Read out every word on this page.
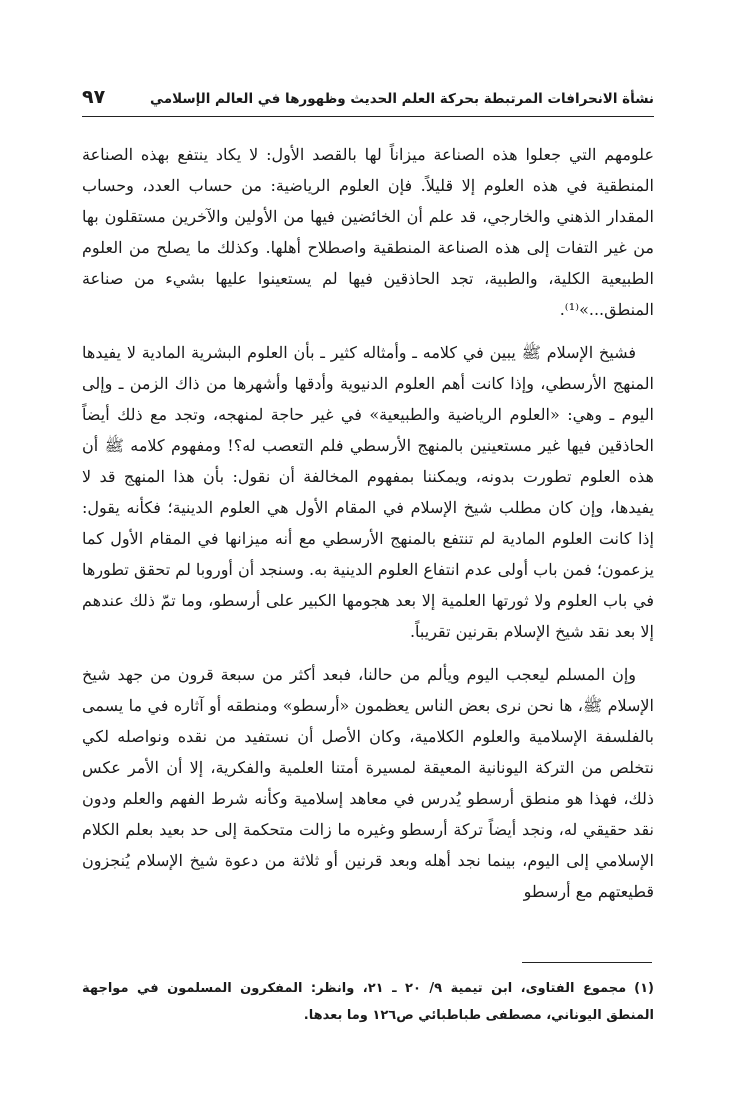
نشأة الانحرافات المرتبطة بحركة العلم الحديث وظهورها في العالم الإسلامي
٩٧

علومهم التي جعلوا هذه الصناعة ميزاناً لها بالقصد الأول: لا يكاد ينتفع بهذه الصناعة المنطقية في هذه العلوم إلا قليلاً. فإن العلوم الرياضية: من حساب العدد، وحساب المقدار الذهني والخارجي، قد علم أن الخائضين فيها من الأولين والآخرين مستقلون بها من غير التفات إلى هذه الصناعة المنطقية واصطلاح أهلها. وكذلك ما يصلح من العلوم الطبيعية الكلية، والطبية، تجد الحاذقين فيها لم يستعينوا عليها بشيء من صناعة المنطق...»⁽¹⁾.

فشيخ الإسلام ﷺ يبين في كلامه ـ وأمثاله كثير ـ بأن العلوم البشرية المادية لا يفيدها المنهج الأرسطي، وإذا كانت أهم العلوم الدنيوية وأدقها وأشهرها من ذاك الزمن ـ وإلى اليوم ـ وهي: «العلوم الرياضية والطبيعية» في غير حاجة لمنهجه، وتجد مع ذلك أيضاً الحاذقين فيها غير مستعينين بالمنهج الأرسطي فلم التعصب له؟! ومفهوم كلامه ﷺ أن هذه العلوم تطورت بدونه، ويمكننا بمفهوم المخالفة أن نقول: بأن هذا المنهج قد لا يفيدها، وإن كان مطلب شيخ الإسلام في المقام الأول هي العلوم الدينية؛ فكأنه يقول: إذا كانت العلوم المادية لم تنتفع بالمنهج الأرسطي مع أنه ميزانها في المقام الأول كما يزعمون؛ فمن باب أولى عدم انتفاع العلوم الدينية به. وسنجد أن أوروبا لم تحقق تطورها في باب العلوم ولا ثورتها العلمية إلا بعد هجومها الكبير على أرسطو، وما تمّ ذلك عندهم إلا بعد نقد شيخ الإسلام بقرنين تقريباً.

وإن المسلم ليعجب اليوم ويألم من حالنا، فبعد أكثر من سبعة قرون من جهد شيخ الإسلام ﷺ، ها نحن نرى بعض الناس يعظمون «أرسطو» ومنطقه أو آثاره في ما يسمى بالفلسفة الإسلامية والعلوم الكلامية، وكان الأصل أن نستفيد من نقده ونواصله لكي نتخلص من التركة اليونانية المعيقة لمسيرة أمتنا العلمية والفكرية، إلا أن الأمر عكس ذلك، فهذا هو منطق أرسطو يُدرس في معاهد إسلامية وكأنه شرط الفهم والعلم ودون نقد حقيقي له، ونجد أيضاً تركة أرسطو وغيره ما زالت متحكمة إلى حد بعيد بعلم الكلام الإسلامي إلى اليوم، بينما نجد أهله وبعد قرنين أو ثلاثة من دعوة شيخ الإسلام يُنجزون قطيعتهم مع أرسطو

(١)مجموع الفتاوى، ابن تيمية ٩/ ٢٠ ـ ٢١، وانظر: المفكرون المسلمون في مواجهة المنطق اليوناني، مصطفى طباطبائي ص١٢٦ وما بعدها.
